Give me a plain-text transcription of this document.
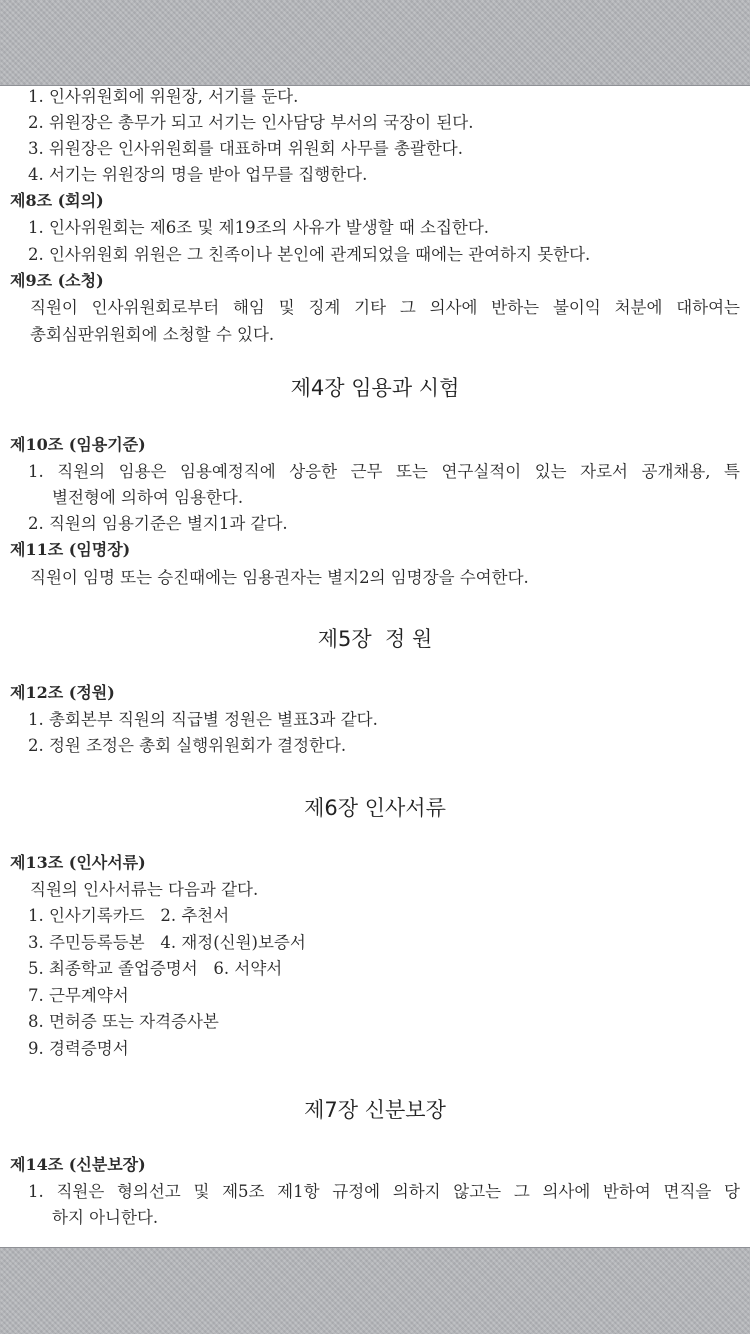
1. 인사위원회에 위원장, 서기를 둔다.
2. 위원장은 총무가 되고 서기는 인사담당 부서의 국장이 된다.
3. 위원장은 인사위원회를 대표하며 위원회 사무를 총괄한다.
4. 서기는 위원장의 명을 받아 업무를 집행한다.
제8조 (회의)
1. 인사위원회는 제6조 및 제19조의 사유가 발생할 때 소집한다.
2. 인사위원회 위원은 그 친족이나 본인에 관계되었을 때에는 관여하지 못한다.
제9조 (소청)
직원이 인사위원회로부터 해임 및 징계 기타 그 의사에 반하는 불이익 처분에 대하여는
총회심판위원회에 소청할 수 있다.
제4장 임용과 시험
제10조 (임용기준)
1. 직원의 임용은 임용예정직에 상응한 근무 또는 연구실적이 있는 자로서 공개채용, 특
별전형에 의하여 임용한다.
2. 직원의 임용기준은 별지1과 같다.
제11조 (임명장)
직원이 임명 또는 승진때에는 임용권자는 별지2의 임명장을 수여한다.
제5장  정 원
제12조 (정원)
1. 총회본부 직원의 직급별 정원은 별표3과 같다.
2. 정원 조정은 총회 실행위원회가 결정한다.
제6장 인사서류
제13조 (인사서류)
직원의 인사서류는 다음과 같다.
1. 인사기록카드   2. 추천서
3. 주민등록등본   4. 재정(신원)보증서
5. 최종학교 졸업증명서   6. 서약서
7. 근무계약서
8. 면허증 또는 자격증사본
9. 경력증명서
제7장 신분보장
제14조 (신분보장)
1. 직원은 형의선고 및 제5조 제1항 규정에 의하지 않고는 그 의사에 반하여 면직을 당
하지 아니한다.
